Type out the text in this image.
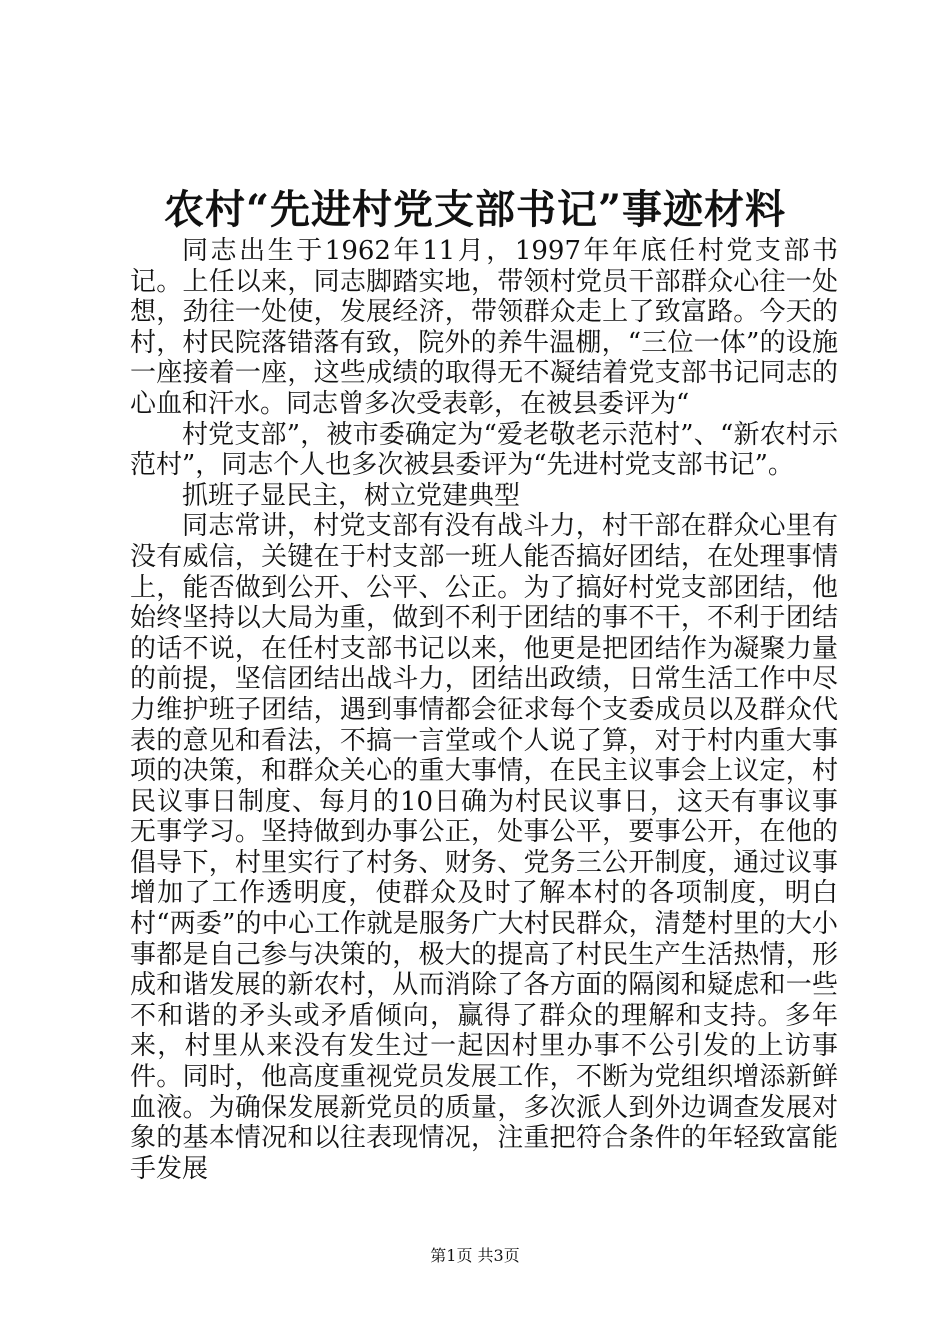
农村“先进村党支部书记”事迹材料

同志出生于1962年11月，1997年年底任村党支部书记。上任以来，同志脚踏实地，带领村党员干部群众心往一处想，劲往一处使，发展经济，带领群众走上了致富路。今天的村，村民院落错落有致，院外的养牛温棚，“三位一体”的设施一座接着一座，这些成绩的取得无不凝结着党支部书记同志的心血和汗水。同志曾多次受表彰，在被县委评为“

村党支部”，被市委确定为“爱老敬老示范村”、“新农村示范村”，同志个人也多次被县委评为“先进村党支部书记”。

抓班子显民主，树立党建典型

同志常讲，村党支部有没有战斗力，村干部在群众心里有没有威信，关键在于村支部一班人能否搞好团结，在处理事情上，能否做到公开、公平、公正。为了搞好村党支部团结，他始终坚持以大局为重，做到不利于团结的事不干，不利于团结的话不说，在任村支部书记以来，他更是把团结作为凝聚力量的前提，坚信团结出战斗力，团结出政绩，日常生活工作中尽力维护班子团结，遇到事情都会征求每个支委成员以及群众代表的意见和看法，不搞一言堂或个人说了算，对于村内重大事项的决策，和群众关心的重大事情，在民主议事会上议定，村民议事日制度、每月的10日确为村民议事日，这天有事议事无事学习。坚持做到办事公正，处事公平，要事公开，在他的倡导下，村里实行了村务、财务、党务三公开制度，通过议事增加了工作透明度，使群众及时了解本村的各项制度，明白村“两委”的中心工作就是服务广大村民群众，清楚村里的大小事都是自己参与决策的，极大的提高了村民生产生活热情，形成和谐发展的新农村，从而消除了各方面的隔阂和疑虑和一些不和谐的矛头或矛盾倾向，赢得了群众的理解和支持。多年来，村里从来没有发生过一起因村里办事不公引发的上访事件。同时，他高度重视党员发展工作，不断为党组织增添新鲜血液。为确保发展新党员的质量，多次派人到外边调查发展对象的基本情况和以往表现情况，注重把符合条件的年轻致富能手发展

第1页 共3页
